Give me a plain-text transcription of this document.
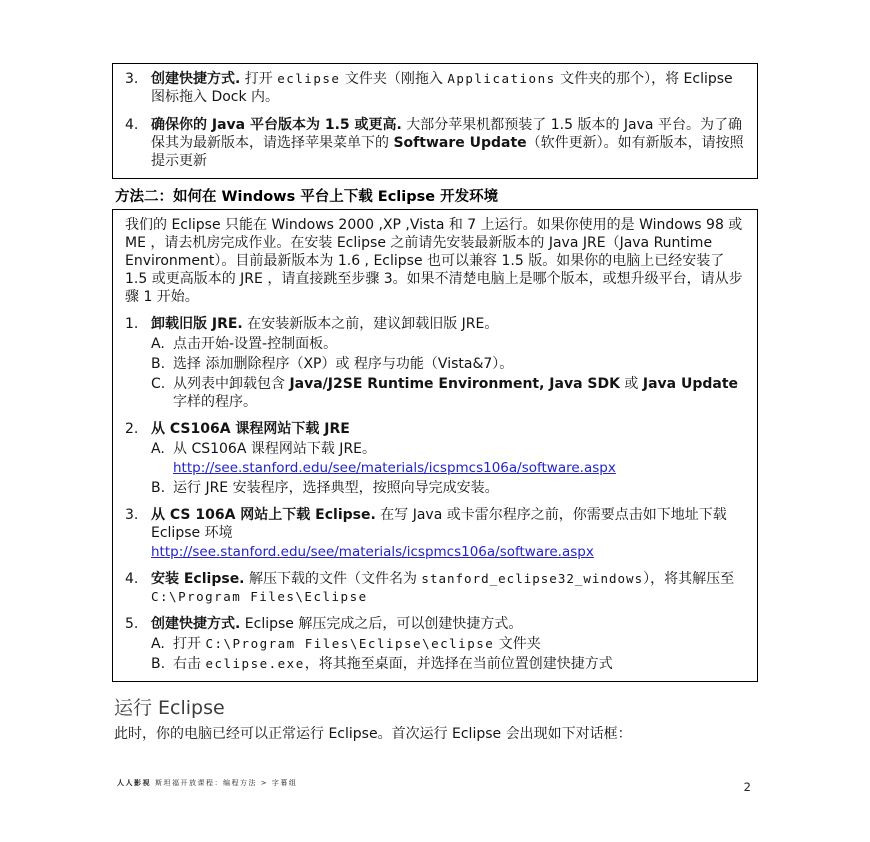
3. 创建快捷方式. 打开 eclipse 文件夹（刚拖入 Applications 文件夹的那个），将 Eclipse 图标拖入 Dock 内。
4. 确保你的 Java 平台版本为 1.5 或更高. 大部分苹果机都预装了 1.5 版本的 Java 平台。为了确保其为最新版本，请选择苹果菜单下的 Software Update（软件更新）。如有新版本，请按照提示更新
方法二：如何在 Windows 平台上下载 Eclipse 开发环境

我们的 Eclipse 只能在 Windows 2000 ,XP ,Vista 和 7 上运行。如果你使用的是 Windows 98 或 ME ，请去机房完成作业。在安装 Eclipse 之前请先安装最新版本的 Java JRE（Java Runtime Environment）。目前最新版本为 1.6 , Eclipse 也可以兼容 1.5 版。如果你的电脑上已经安装了 1.5 或更高版本的 JRE ，请直接跳至步骤 3。如果不清楚电脑上是哪个版本，或想升级平台，请从步骤 1 开始。

1. 卸载旧版 JRE. 在安装新版本之前，建议卸载旧版 JRE。
A. 点击开始-设置-控制面板。
B. 选择 添加删除程序（XP）或 程序与功能（Vista&7）。
C. 从列表中卸载包含 Java/J2SE Runtime Environment, Java SDK 或 Java Update 字样的程序。
2. 从 CS106A 课程网站下载 JRE
A. 从 CS106A 课程网站下载 JRE。
http://see.stanford.edu/see/materials/icspmcs106a/software.aspx
B. 运行 JRE 安装程序，选择典型，按照向导完成安装。
3. 从 CS 106A 网站上下载 Eclipse. 在写 Java 或卡雷尔程序之前，你需要点击如下地址下载 Eclipse 环境
http://see.stanford.edu/see/materials/icspmcs106a/software.aspx
4. 安装 Eclipse. 解压下载的文件（文件名为 stanford_eclipse32_windows），将其解压至 C:\Program Files\Eclipse
5. 创建快捷方式. Eclipse 解压完成之后，可以创建快捷方式。
A. 打开 C:\Program Files\Eclipse\eclipse 文件夹
B. 右击 eclipse.exe，将其拖至桌面，并选择在当前位置创建快捷方式
运行 Eclipse

此时，你的电脑已经可以正常运行 Eclipse。首次运行 Eclipse 会出现如下对话框：

人人影视 斯坦福开放课程：编程方法 > 字幕组	2
